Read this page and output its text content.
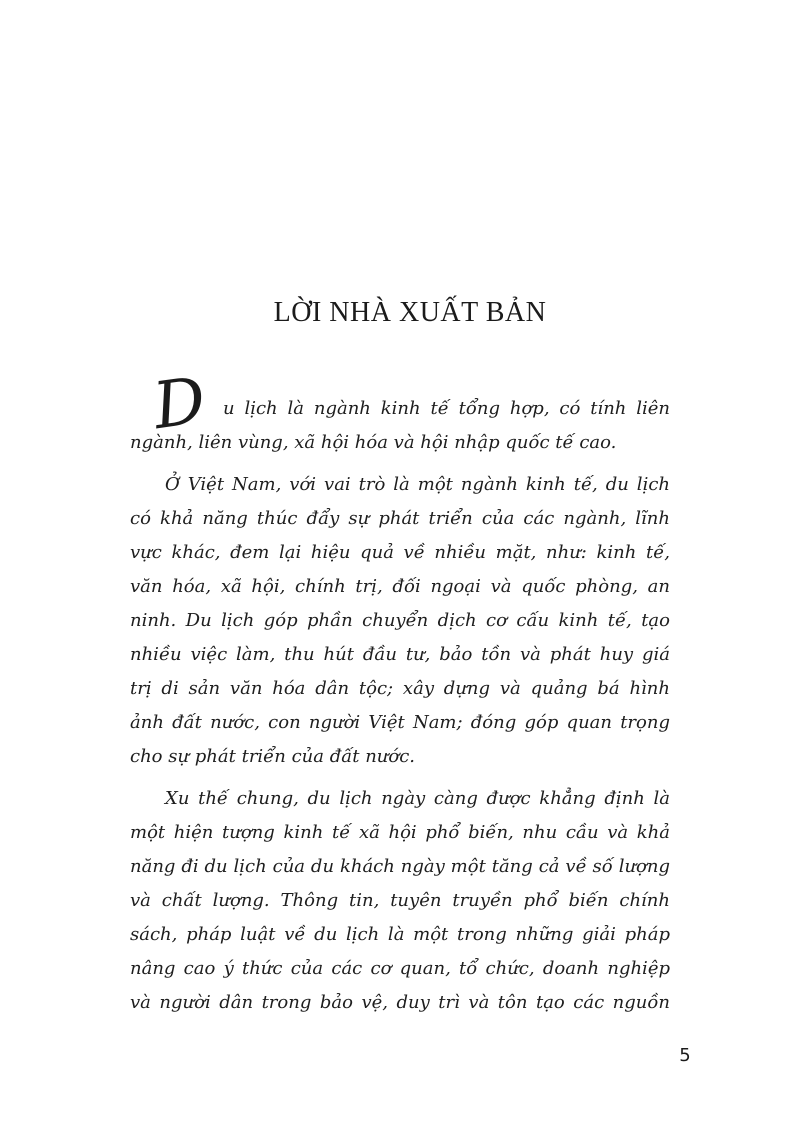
LỜI NHÀ XUẤT BẢN
D u lịch là ngành kinh tế tổng hợp, có tính liên
ngành, liên vùng, xã hội hóa và hội nhập quốc tế cao.
Ở Việt Nam, với vai trò là một ngành kinh tế, du lịch
có khả năng thúc đẩy sự phát triển của các ngành, lĩnh
vực khác, đem lại hiệu quả về nhiều mặt, như: kinh tế,
văn hóa, xã hội, chính trị, đối ngoại và quốc phòng, an
ninh. Du lịch góp phần chuyển dịch cơ cấu kinh tế, tạo
nhiều việc làm, thu hút đầu tư, bảo tồn và phát huy giá
trị di sản văn hóa dân tộc; xây dựng và quảng bá hình
ảnh đất nước, con người Việt Nam; đóng góp quan trọng
cho sự phát triển của đất nước.
Xu thế chung, du lịch ngày càng được khẳng định là
một hiện tượng kinh tế xã hội phổ biến, nhu cầu và khả
năng đi du lịch của du khách ngày một tăng cả về số lượng
và chất lượng. Thông tin, tuyên truyền phổ biến chính
sách, pháp luật về du lịch là một trong những giải pháp
nâng cao ý thức của các cơ quan, tổ chức, doanh nghiệp
và người dân trong bảo vệ, duy trì và tôn tạo các nguồn
5
